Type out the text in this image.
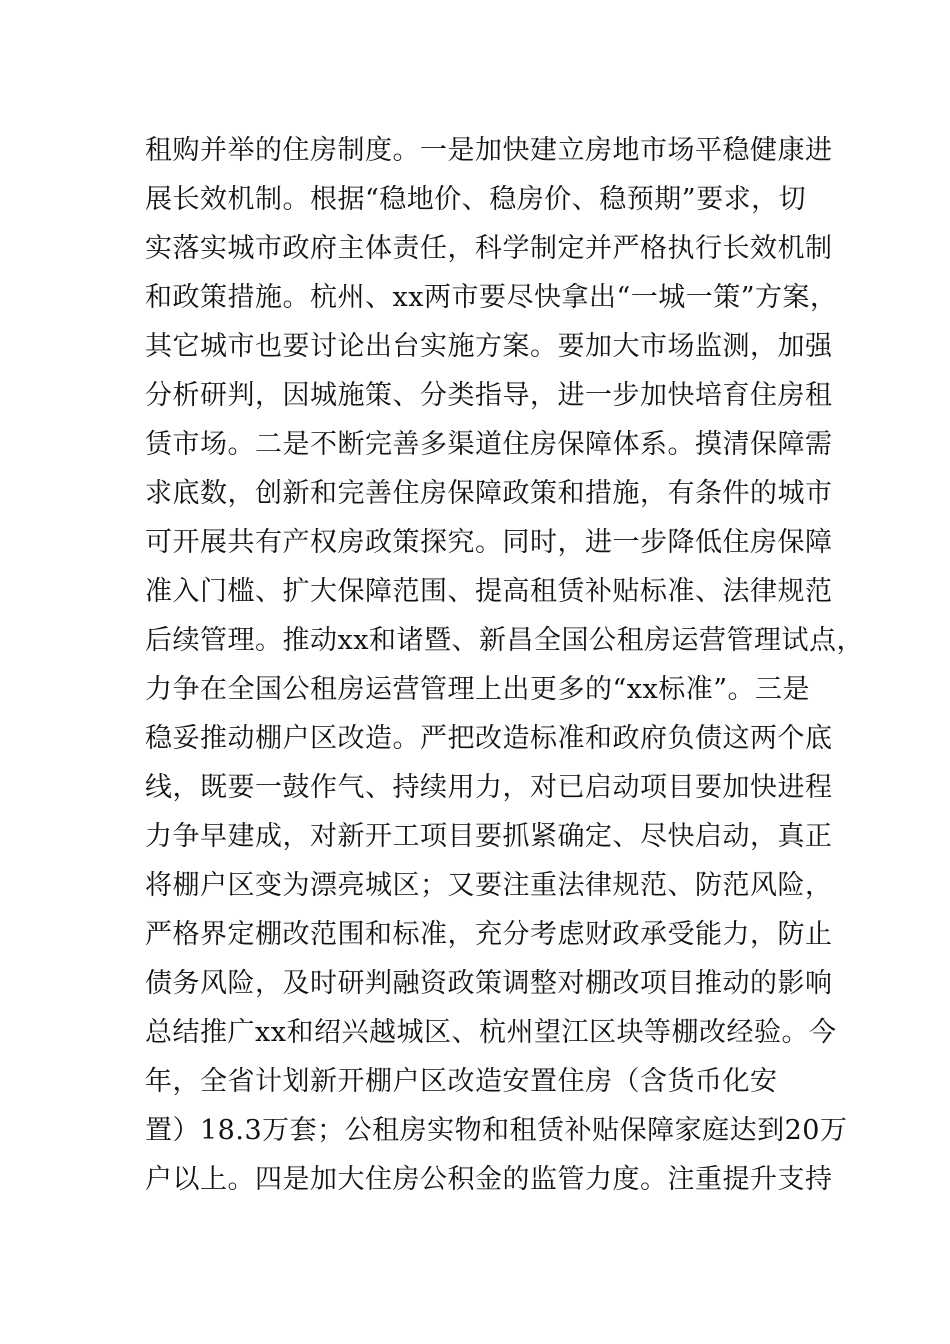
租购并举的住房制度。一是加快建立房地市场平稳健康进
展长效机制。根据“稳地价、稳房价、稳预期”要求，切
实落实城市政府主体责任，科学制定并严格执行长效机制
和政策措施。杭州、xx两市要尽快拿出“一城一策”方案，
其它城市也要讨论出台实施方案。要加大市场监测，加强
分析研判，因城施策、分类指导，进一步加快培育住房租
赁市场。二是不断完善多渠道住房保障体系。摸清保障需
求底数，创新和完善住房保障政策和措施，有条件的城市
可开展共有产权房政策探究。同时，进一步降低住房保障
准入门槛、扩大保障范围、提高租赁补贴标准、法律规范
后续管理。推动xx和诸暨、新昌全国公租房运营管理试点，
力争在全国公租房运营管理上出更多的“xx标准”。三是
稳妥推动棚户区改造。严把改造标准和政府负债这两个底
线，既要一鼓作气、持续用力，对已启动项目要加快进程
力争早建成，对新开工项目要抓紧确定、尽快启动，真正
将棚户区变为漂亮城区；又要注重法律规范、防范风险，
严格界定棚改范围和标准，充分考虑财政承受能力，防止
债务风险，及时研判融资政策调整对棚改项目推动的影响
总结推广xx和绍兴越城区、杭州望江区块等棚改经验。今
年，全省计划新开棚户区改造安置住房（含货币化安
置）18.3万套；公租房实物和租赁补贴保障家庭达到20万
户以上。四是加大住房公积金的监管力度。注重提升支持
